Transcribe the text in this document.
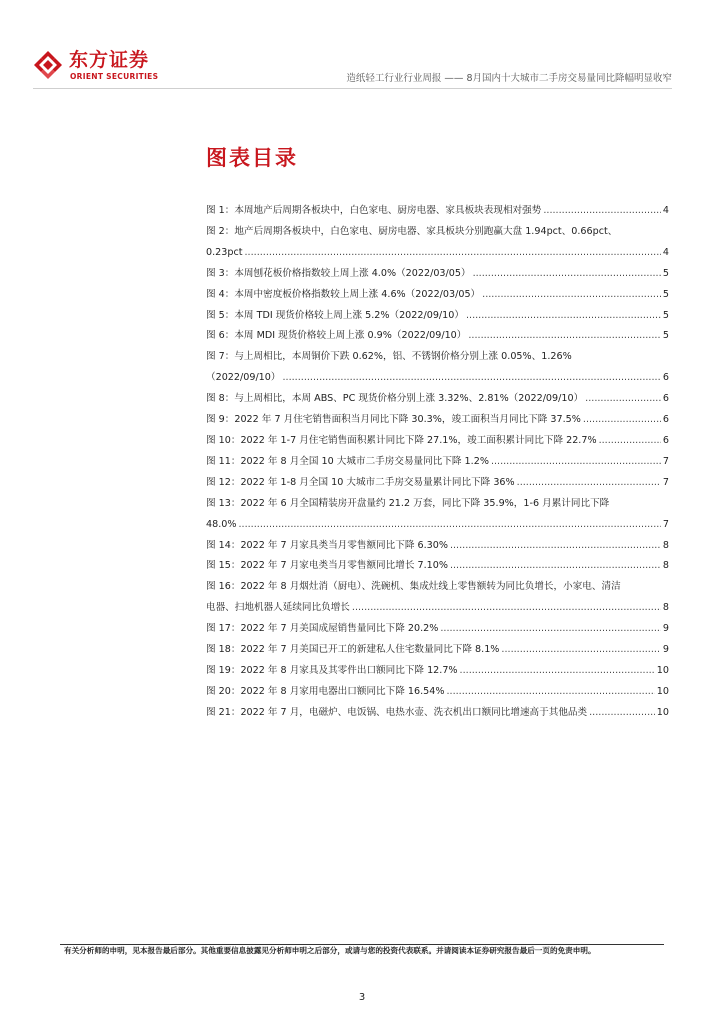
东方证券
ORIENT SECURITIES	造纸轻工行业行业周报 —— 8月国内十大城市二手房交易量同比降幅明显收窄
图表目录
图 1：本周地产后周期各板块中，白色家电、厨房电器、家具板块表现相对强势 .....	4
图 2：地产后周期各板块中，白色家电、厨房电器、家具板块分别跑赢大盘 1.94pct、0.66pct、
0.23pct .....	4
图 3：本周刨花板价格指数较上周上涨 4.0%（2022/03/05） .....	5
图 4：本周中密度板价格指数较上周上涨 4.6%（2022/03/05） .....	5
图 5：本周 TDI 现货价格较上周上涨 5.2%（2022/09/10） .....	5
图 6：本周 MDI 现货价格较上周上涨 0.9%（2022/09/10） .....	5
图 7：与上周相比，本周铜价下跌 0.62%，铝、不锈钢价格分别上涨 0.05%、1.26%
（2022/09/10） .....	6
图 8：与上周相比，本周 ABS、PC 现货价格分别上涨 3.32%、2.81%（2022/09/10） .....	6
图 9：2022 年 7 月住宅销售面积当月同比下降 30.3%，竣工面积当月同比下降 37.5% .....	6
图 10：2022 年 1-7 月住宅销售面积累计同比下降 27.1%，竣工面积累计同比下降 22.7% .....	6
图 11：2022 年 8 月全国 10 大城市二手房交易量同比下降 1.2% .....	7
图 12：2022 年 1-8 月全国 10 大城市二手房交易量累计同比下降 36% .....	7
图 13：2022 年 6 月全国精装房开盘量约 21.2 万套，同比下降 35.9%，1-6 月累计同比下降
48.0% .....	7
图 14：2022 年 7 月家具类当月零售额同比下降 6.30% .....	8
图 15：2022 年 7 月家电类当月零售额同比增长 7.10% .....	8
图 16：2022 年 8 月烟灶消（厨电）、洗碗机、集成灶线上零售额转为同比负增长，小家电、清洁
电器、扫地机器人延续同比负增长 .....	8
图 17：2022 年 7 月美国成屋销售量同比下降 20.2% .....	9
图 18：2022 年 7 月美国已开工的新建私人住宅数量同比下降 8.1% .....	9
图 19：2022 年 8 月家具及其零件出口额同比下降 12.7% .....	10
图 20：2022 年 8 月家用电器出口额同比下降 16.54% .....	10
图 21：2022 年 7 月，电磁炉、电饭锅、电热水壶、洗衣机出口额同比增速高于其他品类 .....	10
有关分析师的申明，见本报告最后部分。其他重要信息披露见分析师申明之后部分，或请与您的投资代表联系。并请阅读本证券研究报告最后一页的免责申明。
3
